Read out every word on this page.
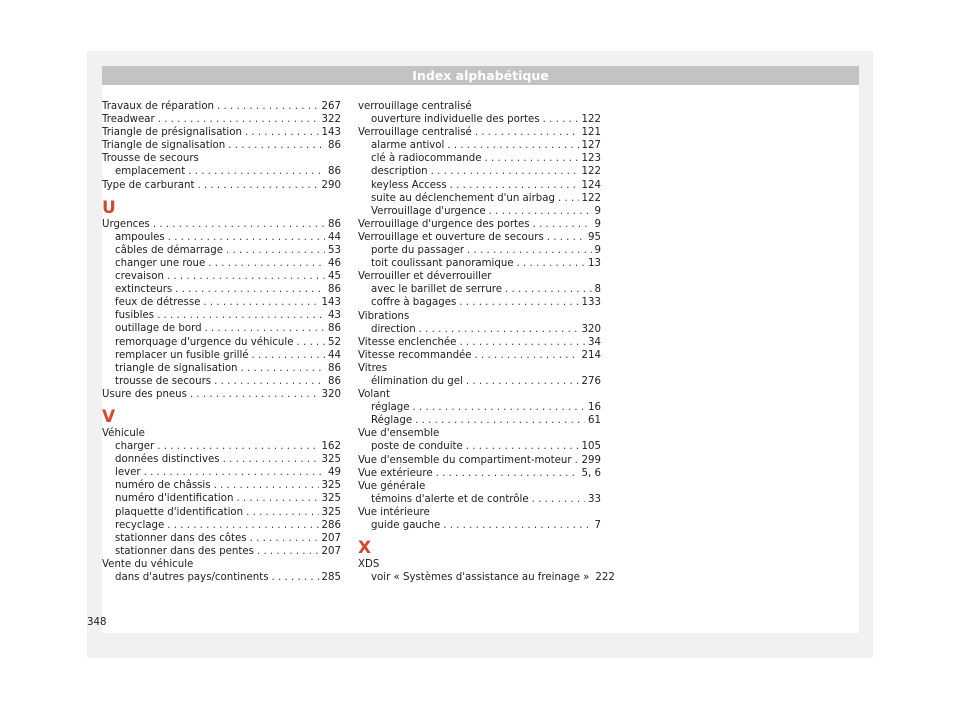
Index alphabétique
Travaux de réparation . . .	267
Treadwear . . .	322
Triangle de présignalisation . . .	143
Triangle de signalisation . . .	86
Trousse de secours
emplacement . . .	86
Type de carburant . . .	290
U
Urgences . . .	86
ampoules . . .	44
câbles de démarrage . . .	53
changer une roue . . .	46
crevaison . . .	45
extincteurs . . .	86
feux de détresse . . .	143
fusibles . . .	43
outillage de bord . . .	86
remorquage d'urgence du véhicule . . .	52
remplacer un fusible grillé . . .	44
triangle de signalisation . . .	86
trousse de secours . . .	86
Usure des pneus . . .	320
V
Véhicule
charger . . .	162
données distinctives . . .	325
lever . . .	49
numéro de châssis . . .	325
numéro d'identification . . .	325
plaquette d'identification . . .	325
recyclage . . .	286
stationner dans des côtes . . .	207
stationner dans des pentes . . .	207
Vente du véhicule
dans d'autres pays/continents . . .	285
verrouillage centralisé
ouverture individuelle des portes . . .	122
Verrouillage centralisé . . .	121
alarme antivol . . .	127
clé à radiocommande . . .	123
description . . .	122
keyless Access . . .	124
suite au déclenchement d'un airbag . . .	122
Verrouillage d'urgence . . .	9
Verrouillage d'urgence des portes . . .	9
Verrouillage et ouverture de secours . . .	95
porte du passager . . .	9
toit coulissant panoramique . . .	13
Verrouiller et déverrouiller
avec le barillet de serrure . . .	8
coffre à bagages . . .	133
Vibrations
direction . . .	320
Vitesse enclenchée . . .	34
Vitesse recommandée . . .	214
Vitres
élimination du gel . . .	276
Volant
réglage . . .	16
Réglage . . .	61
Vue d'ensemble
poste de conduite . . .	105
Vue d'ensemble du compartiment-moteur . . . 299
Vue extérieure . . .	5, 6
Vue générale
témoins d'alerte et de contrôle . . .	33
Vue intérieure
guide gauche . . .	7
X
XDS
voir « Systèmes d'assistance au freinage » 222
348
